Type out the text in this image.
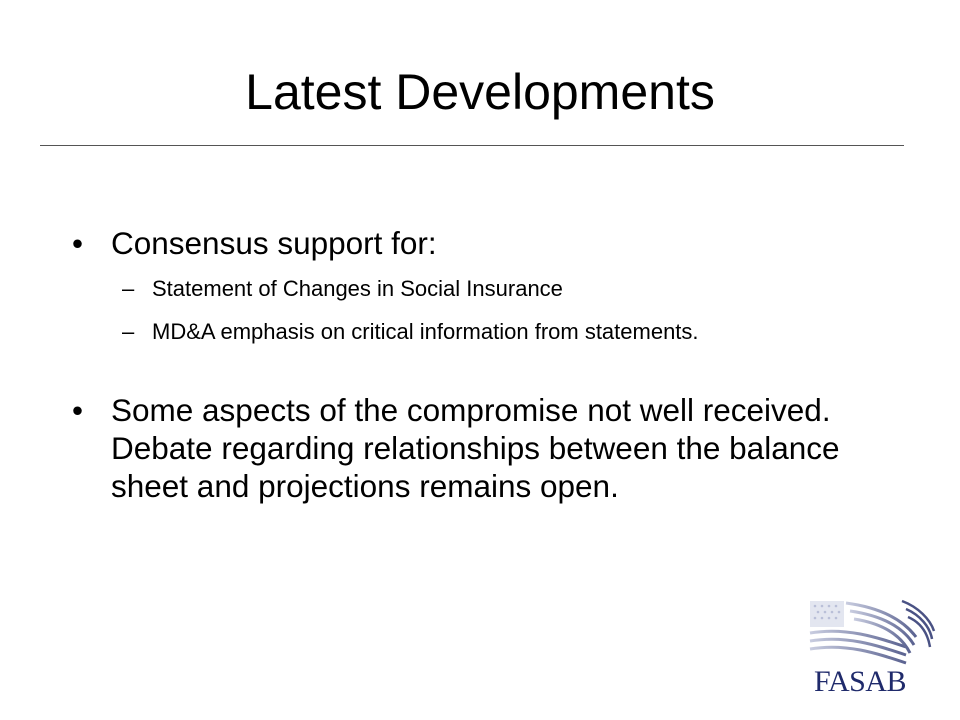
Latest Developments
• Consensus support for:
– Statement of Changes in Social Insurance
– MD&A emphasis on critical information from statements.
• Some aspects of the compromise not well received. Debate regarding relationships between the balance sheet and projections remains open.
FASAB
